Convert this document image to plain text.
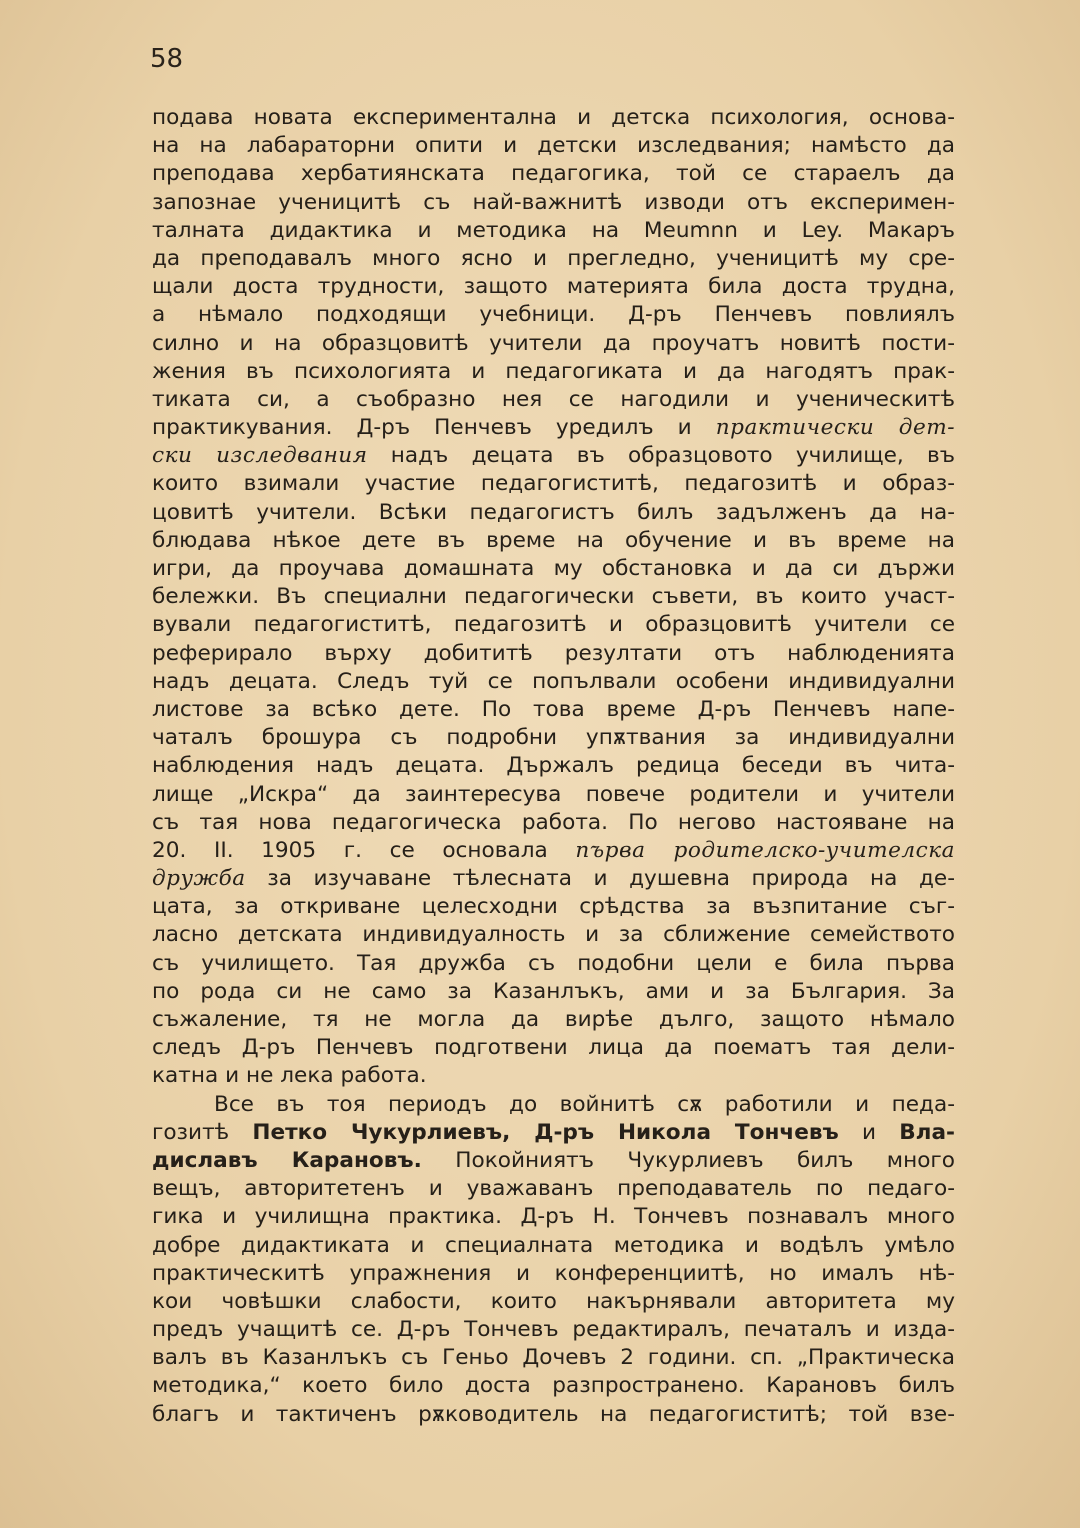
58
подава новата експериментална и детска психология, основа-
на на лабараторни опити и детски изследвания; намѣсто да
преподава хербатиянската педагогика, той се стараелъ да
запознае ученицитѣ съ най-важнитѣ изводи отъ експеримен-
талната дидактика и методика на Meumnn и Ley. Макаръ
да преподавалъ много ясно и прегледно, ученицитѣ му сре-
щали доста трудности, защото материята била доста трудна,
а нѣмало подходящи учебници. Д-ръ Пенчевъ повлиялъ
силно и на образцовитѣ учители да проучатъ новитѣ пости-
жения въ психологията и педагогиката и да нагодятъ прак-
тиката си, а съобразно нея се нагодили и ученическитѣ
практикувания. Д-ръ Пенчевъ уредилъ и практически дет-
ски изследвания надъ децата въ образцовото училище, въ
които взимали участие педагогиститѣ, педагозитѣ и образ-
цовитѣ учители. Всѣки педагогистъ билъ задълженъ да на-
блюдава нѣкое дете въ време на обучение и въ време на
игри, да проучава домашната му обстановка и да си държи
бележки. Въ специални педагогически съвети, въ които участ-
вували педагогиститѣ, педагозитѣ и образцовитѣ учители се
реферирало върху добититѣ резултати отъ наблюденията
надъ децата. Следъ туй се попълвали особени индивидуални
листове за всѣко дете. По това време Д-ръ Пенчевъ напе-
чаталъ брошура съ подробни упѫтвания за индивидуални
наблюдения надъ децата. Държалъ редица беседи въ чита-
лище „Искра“ да заинтересува повече родители и учители
съ тая нова педагогическа работа. По негово настояване на
20. II. 1905 г. се основала първа родителско-учителска
дружба за изучаване тѣлесната и душевна природа на де-
цата, за откриване целесходни срѣдства за възпитание съг-
ласно детската индивидуалность и за сближение семейството
съ училището. Тая дружба съ подобни цели е била първа
по рода си не само за Казанлъкъ, ами и за България. За
съжаление, тя не могла да вирѣе дълго, защото нѣмало
следъ Д-ръ Пенчевъ подготвени лица да поематъ тая дели-
катна и не лека работа.
Все въ тоя периодъ до войнитѣ сѫ работили и педа-
гозитѣ Петко Чукурлиевъ, Д-ръ Никола Тончевъ и Вла-
диславъ Карановъ. Покойниятъ Чукурлиевъ билъ много
вещъ, авторитетенъ и уважаванъ преподаватель по педаго-
гика и училищна практика. Д-ръ Н. Тончевъ познавалъ много
добре дидактиката и специалната методика и водѣлъ умѣло
практическитѣ упражнения и конференциитѣ, но ималъ нѣ-
кои човѣшки слабости, които накърнявали авторитета му
предъ учащитѣ се. Д-ръ Тончевъ редактиралъ, печаталъ и изда-
валъ въ Казанлъкъ съ Геньо Дочевъ 2 години. сп. „Практическа
методика,“ което било доста разпространено. Карановъ билъ
благъ и тактиченъ рѫководитель на педагогиститѣ; той взе-
